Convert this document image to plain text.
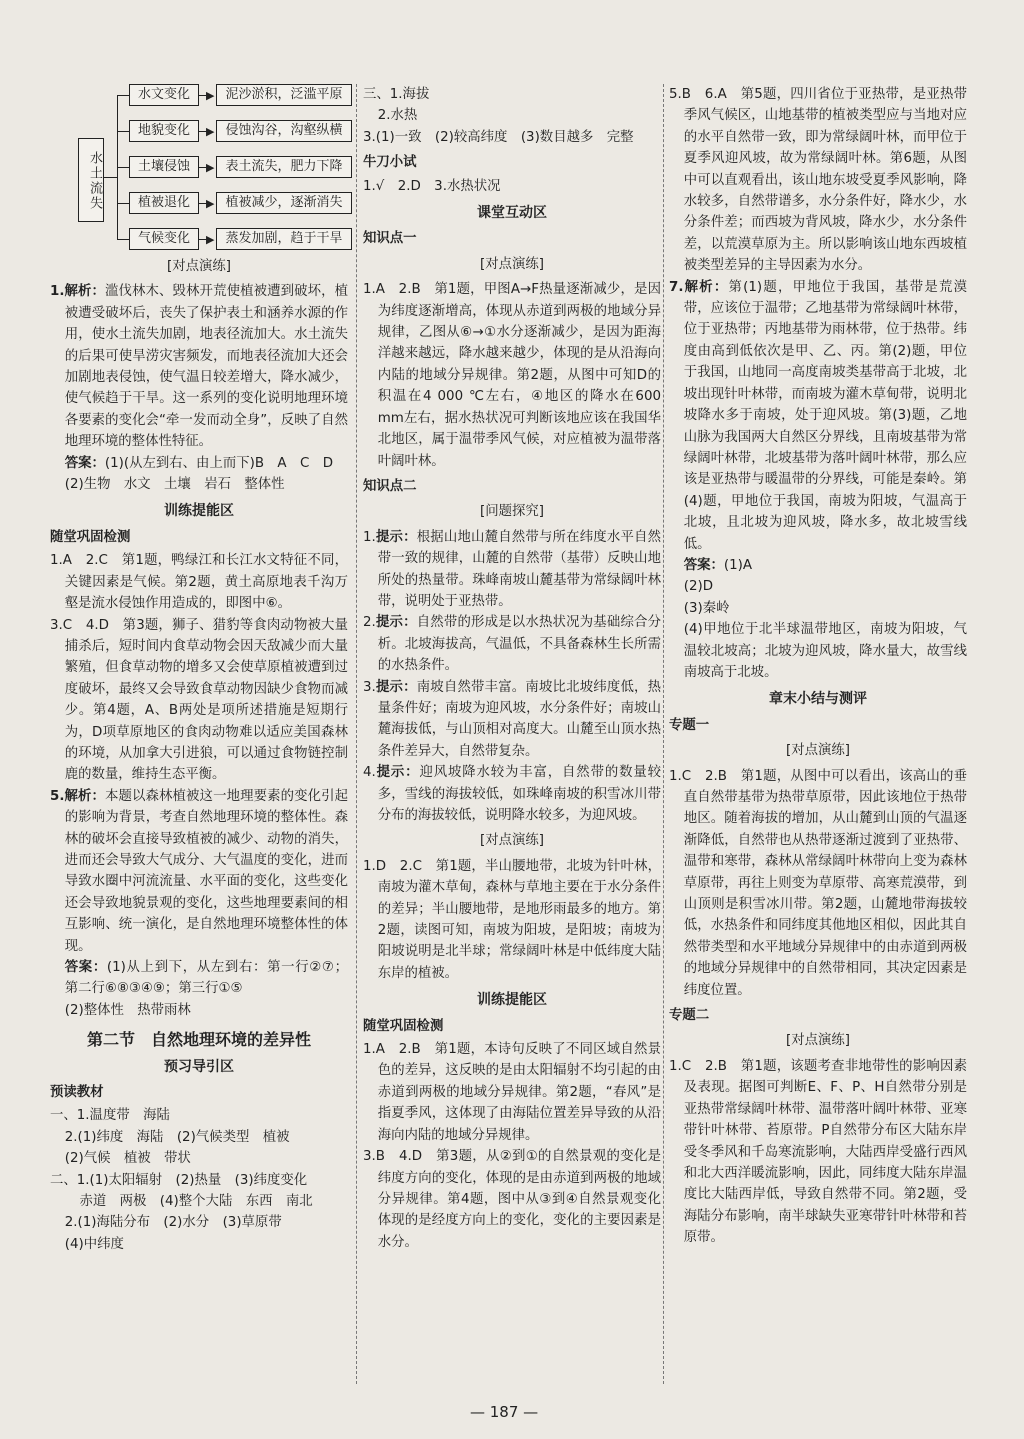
水土流失
水文变化	▶ 泥沙淤积，泛滥平原
地貌变化	▶ 侵蚀沟谷，沟壑纵横
土壤侵蚀	▶ 表土流失，肥力下降
植被退化	▶ 植被减少，逐渐消失
气候变化	▶ 蒸发加剧，趋于干旱

[对点演练]

1.解析：滥伐林木、毁林开荒使植被遭到破坏，植被遭受破坏后，丧失了保护表土和涵养水源的作用，使水土流失加剧，地表径流加大。水土流失的后果可使旱涝灾害频发，而地表径流加大还会加剧地表侵蚀，使气温日较差增大，降水减少，使气候趋于干旱。这一系列的变化说明地理环境各要素的变化会“牵一发而动全身”，反映了自然地理环境的整体性特征。

答案：(1)(从左到右、由上而下)B　A　C　D

(2)生物　水文　土壤　岩石　整体性

训练提能区

随堂巩固检测

1.A　2.C　第1题，鸭绿江和长江水文特征不同，关键因素是气候。第2题，黄土高原地表千沟万壑是流水侵蚀作用造成的，即图中⑥。

3.C　4.D　第3题，狮子、猎豹等食肉动物被大量捕杀后，短时间内食草动物会因天敌减少而大量繁殖，但食草动物的增多又会使草原植被遭到过度破坏，最终又会导致食草动物因缺少食物而减少。第4题，A、B两处是项所述措施是短期行为，D项草原地区的食肉动物难以适应美国森林的环境，从加拿大引进狼，可以通过食物链控制鹿的数量，维持生态平衡。

5.解析：本题以森林植被这一地理要素的变化引起的影响为背景，考查自然地理环境的整体性。森林的破坏会直接导致植被的减少、动物的消失，进而还会导致大气成分、大气温度的变化，进而导致水圈中河流流量、水平面的变化，这些变化还会导致地貌景观的变化，这些地理要素间的相互影响、统一演化，是自然地理环境整体性的体现。

答案：(1)从上到下，从左到右：第一行②⑦；第二行⑥⑧③④⑨；第三行①⑤

(2)整体性　热带雨林

第二节　自然地理环境的差异性

预习导引区

预读教材

一、1.温度带　海陆

2.(1)纬度　海陆　(2)气候类型　植被

(2)气候　植被　带状

二、1.(1)太阳辐射　(2)热量　(3)纬度变化

赤道　两极　(4)整个大陆　东西　南北

2.(1)海陆分布　(2)水分　(3)草原带

(4)中纬度

三、1.海拔

2.水热

3.(1)一致　(2)较高纬度　(3)数目越多　完整

牛刀小试

1.√　2.D　3.水热状况

课堂互动区

知识点一

[对点演练]

1.A　2.B　第1题，甲图A→F热量逐渐减少，是因为纬度逐渐增高，体现从赤道到两极的地域分异规律，乙图从⑥→①水分逐渐减少，是因为距海洋越来越远，降水越来越少，体现的是从沿海向内陆的地域分异规律。第2题，从图中可知D的积温在4 000 ℃左右，④地区的降水在600 mm左右，据水热状况可判断该地应该在我国华北地区，属于温带季风气候，对应植被为温带落叶阔叶林。

知识点二

[问题探究]

1.提示：根据山地山麓自然带与所在纬度水平自然带一致的规律，山麓的自然带（基带）反映山地所处的热量带。珠峰南坡山麓基带为常绿阔叶林带，说明处于亚热带。

2.提示：自然带的形成是以水热状况为基础综合分析。北坡海拔高，气温低，不具备森林生长所需的水热条件。

3.提示：南坡自然带丰富。南坡比北坡纬度低，热量条件好；南坡为迎风坡，水分条件好；南坡山麓海拔低，与山顶相对高度大。山麓至山顶水热条件差异大，自然带复杂。

4.提示：迎风坡降水较为丰富，自然带的数量较多，雪线的海拔较低，如珠峰南坡的积雪冰川带分布的海拔较低，说明降水较多，为迎风坡。

[对点演练]

1.D　2.C　第1题，半山腰地带，北坡为针叶林，南坡为灌木草甸，森林与草地主要在于水分条件的差异；半山腰地带，是地形雨最多的地方。第2题，读图可知，南坡为阳坡，是阳坡；南坡为阳坡说明是北半球；常绿阔叶林是中低纬度大陆东岸的植被。

训练提能区

随堂巩固检测

1.A　2.B　第1题，本诗句反映了不同区域自然景色的差异，这反映的是由太阳辐射不均引起的由赤道到两极的地域分异规律。第2题，“春风”是指夏季风，这体现了由海陆位置差异导致的从沿海向内陆的地域分异规律。

3.B　4.D　第3题，从②到①的自然景观的变化是纬度方向的变化，体现的是由赤道到两极的地域分异规律。第4题，图中从③到④自然景观变化体现的是经度方向上的变化，变化的主要因素是水分。

5.B　6.A　第5题，四川省位于亚热带，是亚热带季风气候区，山地基带的植被类型应与当地对应的水平自然带一致，即为常绿阔叶林，而甲位于夏季风迎风坡，故为常绿阔叶林。第6题，从图中可以直观看出，该山地东坡受夏季风影响，降水较多，自然带谱多，水分条件好，降水少，水分条件差；而西坡为背风坡，降水少，水分条件差，以荒漠草原为主。所以影响该山地东西坡植被类型差异的主导因素为水分。

7.解析：第(1)题，甲地位于我国，基带是荒漠带，应该位于温带；乙地基带为常绿阔叶林带，位于亚热带；丙地基带为雨林带，位于热带。纬度由高到低依次是甲、乙、丙。第(2)题，甲位于我国，山地同一高度南坡类基带高于北坡，北坡出现针叶林带，而南坡为灌木草甸带，说明北坡降水多于南坡，处于迎风坡。第(3)题，乙地山脉为我国两大自然区分界线，且南坡基带为常绿阔叶林带，北坡基带为落叶阔叶林带，那么应该是亚热带与暖温带的分界线，可能是秦岭。第(4)题，甲地位于我国，南坡为阳坡，气温高于北坡，且北坡为迎风坡，降水多，故北坡雪线低。

答案：(1)A

(2)D

(3)秦岭

(4)甲地位于北半球温带地区，南坡为阳坡，气温较北坡高；北坡为迎风坡，降水量大，故雪线南坡高于北坡。

章末小结与测评

专题一

[对点演练]

1.C　2.B　第1题，从图中可以看出，该高山的垂直自然带基带为热带草原带，因此该地位于热带地区。随着海拔的增加，从山麓到山顶的气温逐渐降低，自然带也从热带逐渐过渡到了亚热带、温带和寒带，森林从常绿阔叶林带向上变为森林草原带，再往上则变为草原带、高寒荒漠带，到山顶则是积雪冰川带。第2题，山麓地带海拔较低，水热条件和同纬度其他地区相似，因此其自然带类型和水平地域分异规律中的由赤道到两极的地域分异规律中的自然带相同，其决定因素是纬度位置。

专题二

[对点演练]

1.C　2.B　第1题，该题考查非地带性的影响因素及表现。据图可判断E、F、P、H自然带分别是亚热带常绿阔叶林带、温带落叶阔叶林带、亚寒带针叶林带、苔原带。P自然带分布区大陆东岸受冬季风和千岛寒流影响，大陆西岸受盛行西风和北大西洋暖流影响，因此，同纬度大陆东岸温度比大陆西岸低，导致自然带不同。第2题，受海陆分布影响，南半球缺失亚寒带针叶林带和苔原带。

— 187 —
